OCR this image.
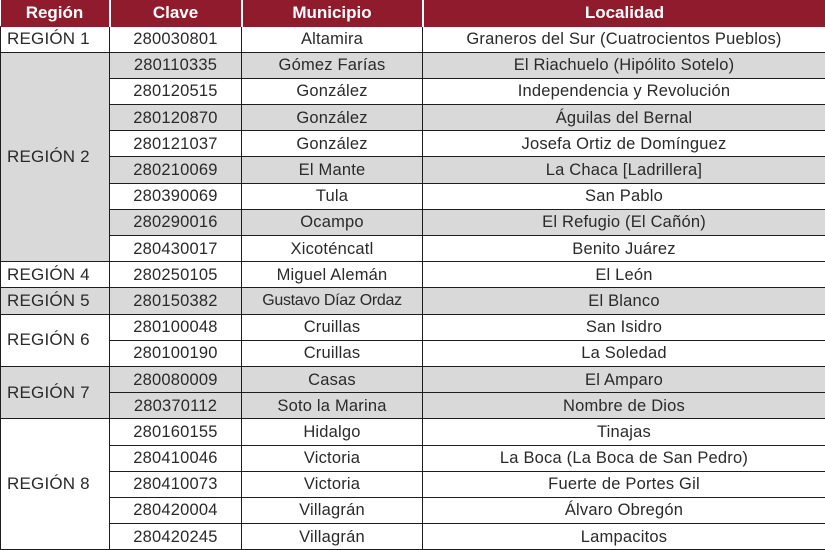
Región	Clave	Municipio	Localidad
REGIÓN 1	280030801	Altamira	Graneros del Sur (Cuatrocientos Pueblos)
REGIÓN 2	280110335	Gómez Farías	El Riachuelo (Hipólito Sotelo)
	280120515	González	Independencia y Revolución
	280120870	González	Águilas del Bernal
	280121037	González	Josefa Ortiz de Domínguez
	280210069	El Mante	La Chaca [Ladrillera]
	280390069	Tula	San Pablo
	280290016	Ocampo	El Refugio (El Cañón)
	280430017	Xicoténcatl	Benito Juárez
REGIÓN 4	280250105	Miguel Alemán	El León
REGIÓN 5	280150382	Gustavo Díaz Ordaz	El Blanco
REGIÓN 6	280100048	Cruillas	San Isidro
	280100190	Cruillas	La Soledad
REGIÓN 7	280080009	Casas	El Amparo
	280370112	Soto la Marina	Nombre de Dios
REGIÓN 8	280160155	Hidalgo	Tinajas
	280410046	Victoria	La Boca (La Boca de San Pedro)
	280410073	Victoria	Fuerte de Portes Gil
	280420004	Villagrán	Álvaro Obregón
	280420245	Villagrán	Lampacitos
